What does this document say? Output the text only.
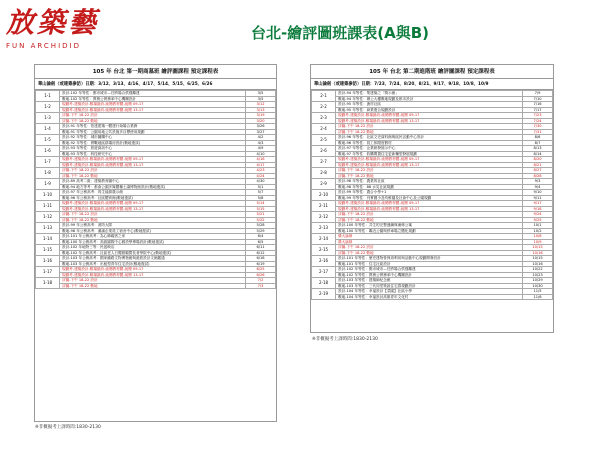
放築藝
FUN ARCHIDID
台北-繪評圖班課表(A與B)
105 年 台北 第一期商墓班 繪評圖課程 預定課程表
華山論劍（或建築參訪）日期：3/12、3/13、4/16、4/17、5/14、5/15、6/25、6/26
1-1	設計-102 年等性：郵市城市—任將場合供強離建	3/5
	敷地-102 年等性：貫務公實務率中心機關設計	3/5
1-2	規劃考-建築設計-敷場最終-純閱教材體-純閱 09-17	3/12
	規劃考-建築設計-敷場最終-純閱教材體-純閱 13-17	3/13
1-3	評圖-下午 18-22 設計	3/19
	評圖-下午 18-22 敷地	3/20
1-4	設計-91 年等性：依建建築一體建行始場合業務	3/26
	敷地-91 年等性：公園用地公共設施多目標使用規劃	3/27
1-5	設計-92 年等性：城市圖購中心	4/2
	敷地-92 年等性：實戰地區群場房設計(敷地復試)	4/3
1-6	設計-93 年等性：旅遊資訊中心	4/9
	敷地-93 年等性：科技研究中心	4/10
1-7	規劃考-建築設計-敷場最終-純閱教材體-純閱 09-17	4/16
	規劃考-建築設計-敷場最終-純閱教材體-純閱 13-17	4/17
1-8	評圖-下午 18-22 設計	4/23
	評圖-下午 18-22 敷地	4/24
1-9	設計-89 高考二級：建築教育圖中心	4/30
	敷地-94 地方等考：都會公園多媒體種土讓博物館設計(敷地復試)	5/1
1-10	設計-97 年公務高考：再生能源農示館	5/7
	敷地-96 年公務高考：社區體育館(敷地復試)	5/8
1-11	規劃考-建築設計-敷場最終-純閱教材體-純閱 09-17	5/14
	規劃考-建築設計-敷場最終-純閱教材體-純閱 13-17	5/15
1-12	評圖-下午 18-22 設計	5/21
	評圖-下午 18-22 敷地	5/22
1-13	設計-99 年公務高考：消防大隊	5/28
	敷地-98 年公務高考：鴻滿企業員工宿舍中心(敷地復試)	5/29
1-14	設計-101 年公務高考：為心障礙者之家	6/4
	敷地-100 年公務高考：高級園際中心郵設學博場設計(敷地復試)	6/5
1-15	設計-102 年地特三等：民謠映店	6/11
	敷地-102 年公務高考：社區老人日獨照顧暨長者學院中心(敷地復試)	6/12
1-16	設計-103 年公務高考：國家鐵路文物博物館與港旅設計文館藏通	6/18
	敷地-103 年公務高考：出租型青年住宅設計(敷地復試)	6/19
1-17	規劃考-建築設計-敷場最終-純閱教材體-純閱 09-17	6/25
	規劃考-建築設計-敷場最終-純閱教材體-純閱 13-17	6/26
1-18	評圖-下午 18-22 設計	7/2
	評圖-下午 18-22 敷地	7/3
※非概擬考上課時間:1830-2130
105 年 台北 第二期進階班 繪評圖課程 預定課程表
華山論劍（或建築參訪）日期：7/23、7/24、8/20、8/21、9/17、9/18、10/8、10/9
2-1	設計-94 年等性：集建築之「獎示館」	7/9
	敷地-94 年等性：辦公大樓敷地規劃及都市設計	7/10
2-2	設計-95 年等性：漁村社區	7/16
	敷地-95 年等性：商業復合規劃設計	7/17
2-3	規劃考-建築設計-敷場最終-純閱教材體-純閱 09-17	7/23
	規劃考-建築設計-敷場最終-純閱教材體-純閱 13-17	7/24
2-4	評圖-下午 18-22 設計	7/30
	評圖-下午 18-22 敷地	7/31
2-5	設計-96 年等性：社區文史資料館與區民活動中心設計	8/6
	敷地-96 年等性：員工休閒度假村	8/7
2-6	設計-97 年等性：企業研發展示中心	8/13
	敷地-97 年等性：收購閒置住宅更新輔型發展規劃	8/14
2-7	規劃考-建築設計-敷場最終-純閱教材體-純閱 09-17	8/20
	規劃考-建築設計-敷場最終-純閱教材體-純閱 13-17	8/21
2-8	評圖-下午 18-22 設計	8/27
	評圖-下午 18-22 敷地	8/28
2-9	設計-98 年等性：農業的社區	9/3
	敷地-98 年等性：88 水災社區規劃	9/4
2-10	設計-99 年等性：農合小學+1	9/10
	敷地-99 年等性：刊實國小及幼稚園及社會中心及公園規劃	9/11
2-11	規劃考-建築設計-敷場最終-純閱教材體-純閱 09-17	9/17
	規劃考-建築設計-敷場最終-純閱教材體-純閱 13-17	9/18
2-12	評圖-下午 18-22 設計	9/24
	評圖-下午 18-22 敷地	9/25
2-13	設計-100 年等性：共生的完整連續與補修公寓	10/1
	敷地-100 年等性：鄰近公園與停車場立體化規劃	10/2
2-14	優大論劍	10/8
	優大論劍	10/9
2-15	評圖-下午 18-22 設計	10/15
	評圖-下午 18-22 敷地	10/16
2-16	設計-101 年等性：歷史建物營保再利用與活動中心規劃開發設計	10/15
	敷地-101 年等性：住宅社區設計	10/16
2-17	設計-102 年等性：郵市城市—任將場合供強離建	10/22
	敷地-102 年等性：貫務公實務率中心機關設計	10/23
2-18	設計-103 年等性：建築師紀念館	10/29
	敷地-103 年等性：三代同堂策區住宅群規劃設計	10/30
2-19	設計-104 年等性：幸福設計【菜園】社區小學	11/5
	敷地-104 年等性：幸福設計高雄青年文化村	11/6
※非概擬考上課時間:1830-2130
